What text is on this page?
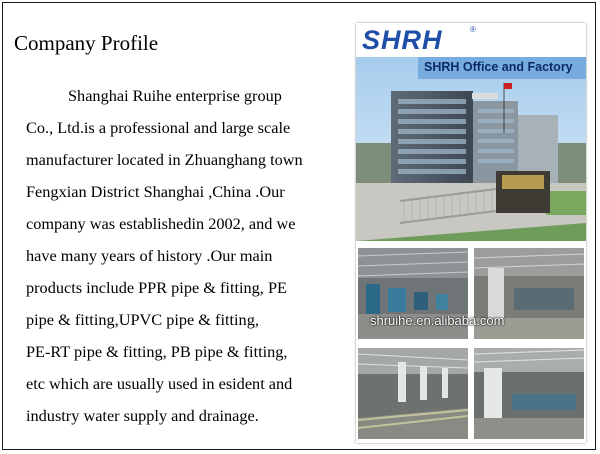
Company Profile
Shanghai Ruihe enterprise group
Co., Ltd.is a professional and large scale
manufacturer located in Zhuanghang town
Fengxian District Shanghai ,China .Our
company was establishedin 2002, and we
have many years of history .Our main
products include PPR pipe & fitting, PE
pipe & fitting,UPVC pipe & fitting,
PE-RT pipe & fitting, PB pipe & fitting,
etc which are usually used in esident and
industry water supply and drainage.
SHRH	®
SHRH Office and Factory
shruihe.en.alibaba.com
